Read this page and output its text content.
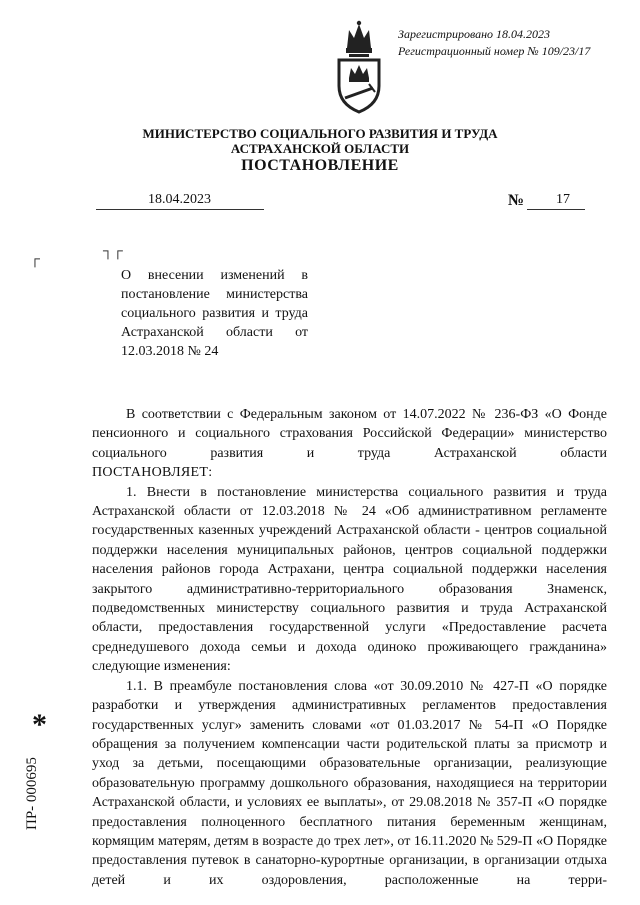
Зарегистрировано 18.04.2023
Регистрационный номер № 109/23/17
МИНИСТЕРСТВО СОЦИАЛЬНОГО РАЗВИТИЯ И ТРУДА
АСТРАХАНСКОЙ ОБЛАСТИ
ПОСТАНОВЛЕНИЕ
18.04.2023	№ 17
┌
┐┌
О внесении изменений в постановление министерства социального развития и труда Астраханской области от 12.03.2018 № 24

В соответствии с Федеральным законом от 14.07.2022 № 236-ФЗ «О Фонде пенсионного и социального страхования Российской Федерации» министерство социального развития и труда Астраханской области

ПОСТАНОВЛЯЕТ:

1. Внести в постановление министерства социального развития и труда Астраханской области от 12.03.2018 № 24 «Об административном регламенте государственных казенных учреждений Астраханской области - центров социальной поддержки населения муниципальных районов, центров социальной поддержки населения районов города Астрахани, центра социальной поддержки населения закрытого административно-территориального образования Знаменск, подведомственных министерству социального развития и труда Астраханской области, предоставления государственной услуги «Предоставление расчета среднедушевого дохода семьи и дохода одиноко проживающего гражданина» следующие изменения:

1.1. В преамбуле постановления слова «от 30.09.2010 № 427-П «О порядке разработки и утверждения административных регламентов предоставления государственных услуг» заменить словами «от 01.03.2017 № 54-П «О Порядке обращения за получением компенсации части родительской платы за присмотр и уход за детьми, посещающими образовательные организации, реализующие образовательную программу дошкольного образования, находящиеся на территории Астраханской области, и условиях ее выплаты», от 29.08.2018 № 357-П «О порядке предоставления полноценного бесплатного питания беременным женщинам, кормящим матерям, детям в возрасте до трех лет», от 16.11.2020 № 529-П «О Порядке предоставления путевок в санаторно-курортные организации, в организации отдыха детей и их оздоровления, расположенные на терри-

*
ПР- 000695
